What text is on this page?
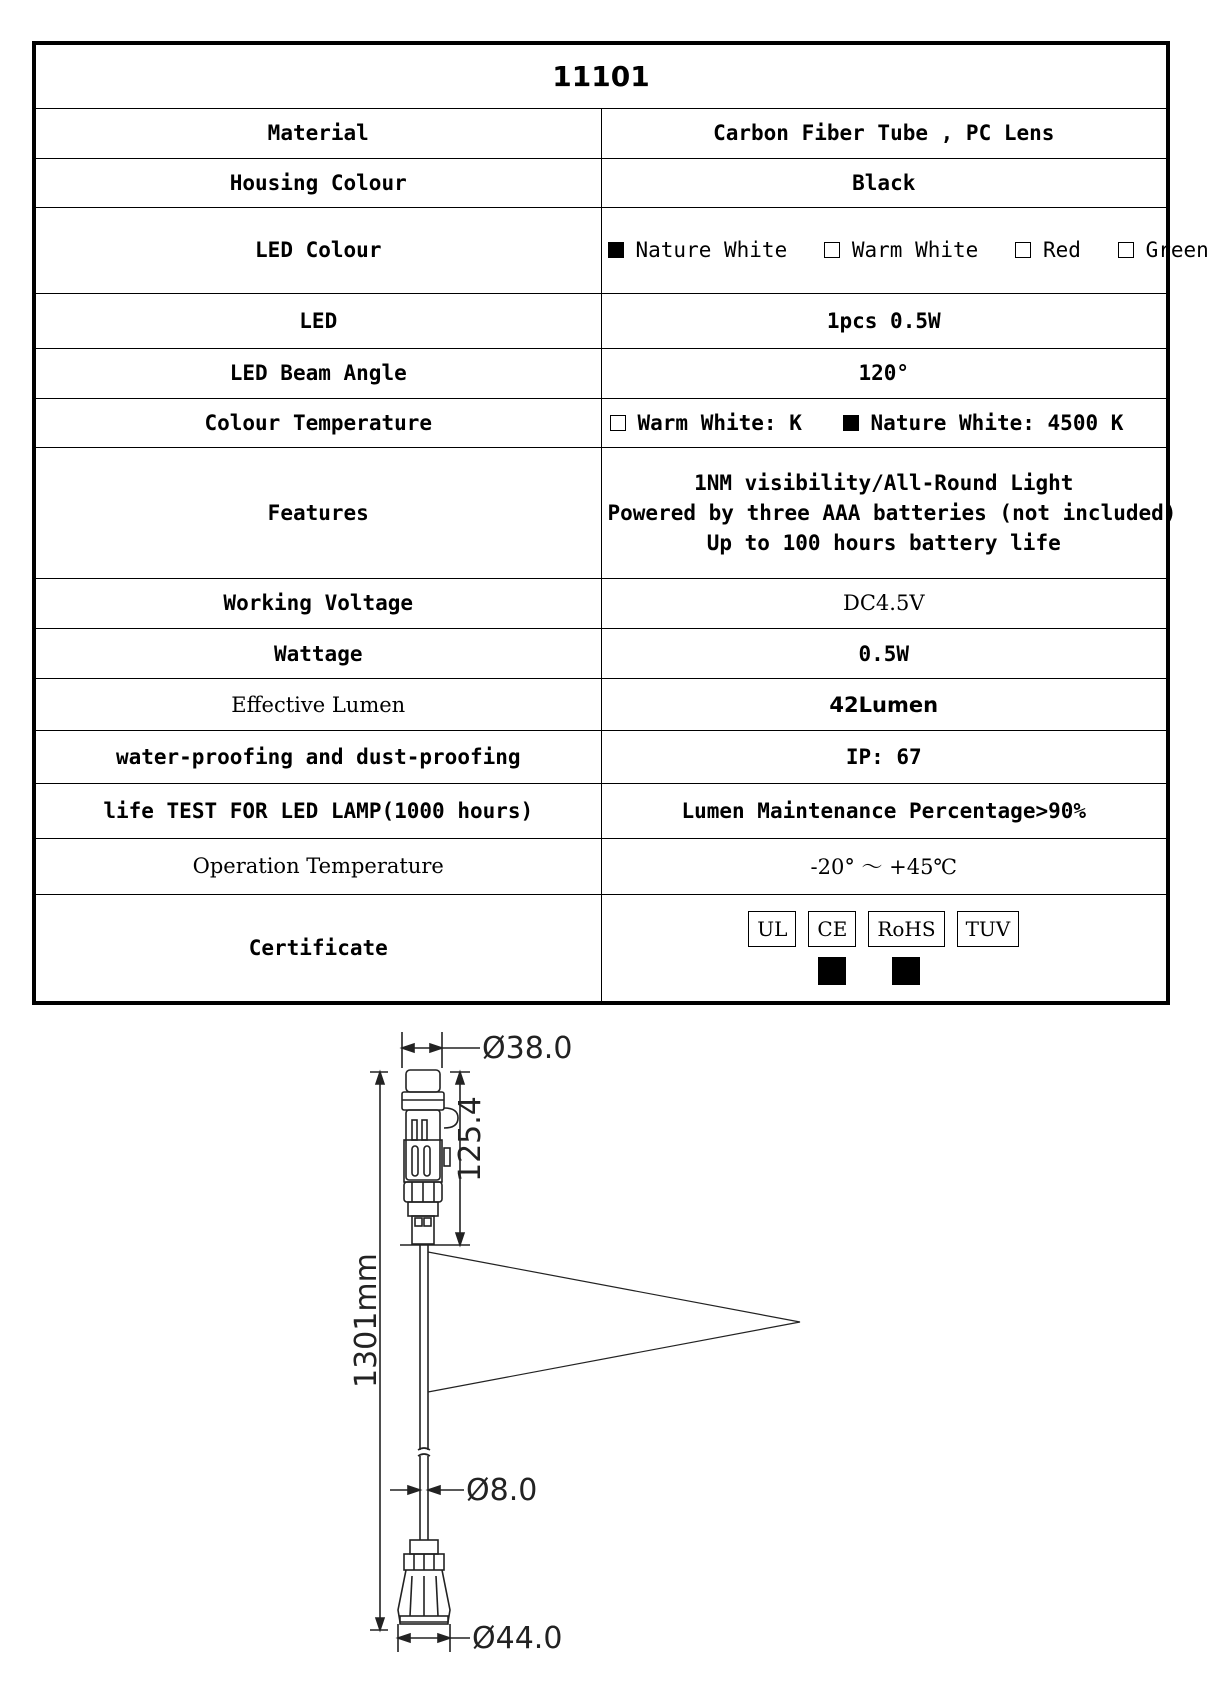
11101	
Material	Carbon Fiber Tube , PC Lens
Housing Colour	Black
LED Colour	Nature White Warm White Red Green
LED	1pcs 0.5W
LED Beam Angle	120°
Colour Temperature	Warm White: K Nature White: 4500 K
Features	1NM visibility/All-Round Light
Powered by three AAA batteries (not included)
Up to 100 hours battery life

Working Voltage	DC4.5V
Wattage	0.5W
Effective Lumen	42Lumen
water-proofing and dust-proofing	IP: 67
life TEST FOR LED LAMP(1000 hours)	Lumen Maintenance Percentage>90%
Operation Temperature	-20° ～ +45℃
Certificate	UL CE RoHS TUV
Ø38.0
125.4
1301mm
Ø8.0
Ø44.0
